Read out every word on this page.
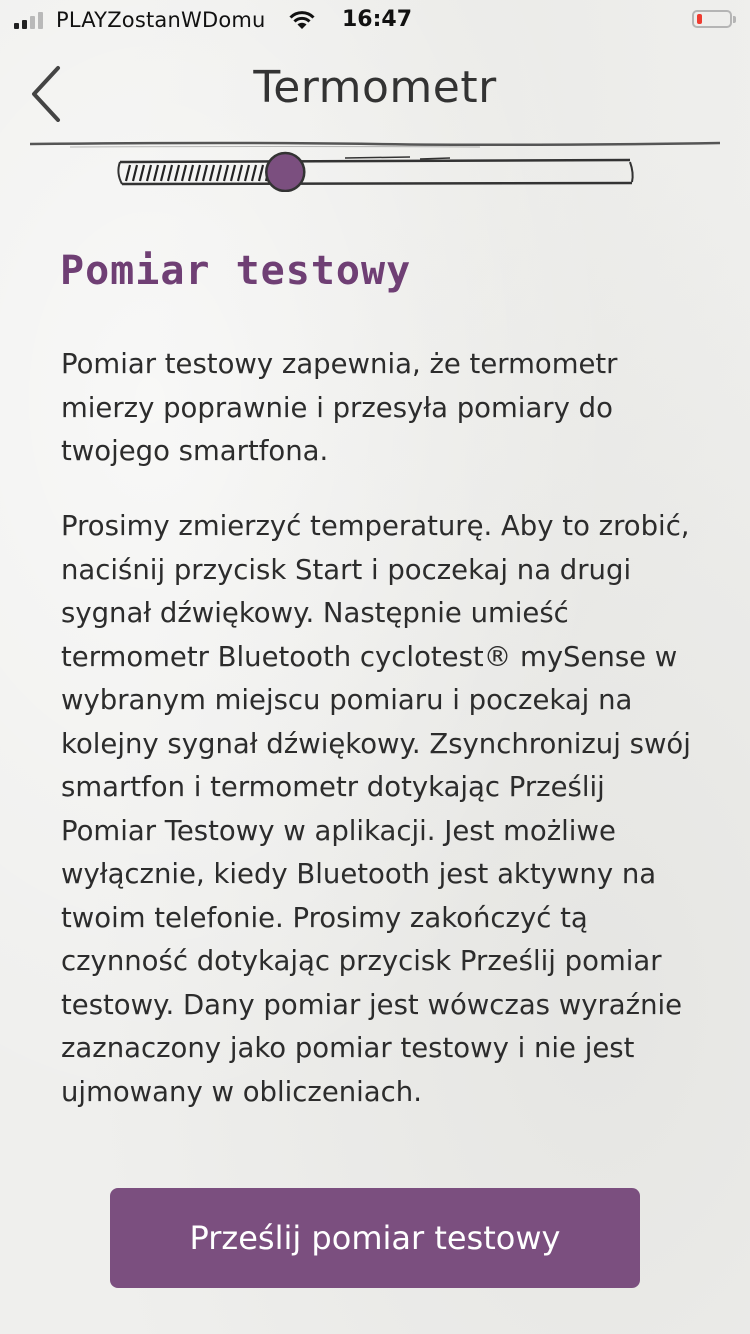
PLAYZostanWDomu	16:47
Termometr
Pomiar testowy

Pomiar testowy zapewnia, że termometr mierzy poprawnie i przesyła pomiary do twojego smartfona.

Prosimy zmierzyć temperaturę. Aby to zrobić, naciśnij przycisk Start i poczekaj na drugi sygnał dźwiękowy. Następnie umieść termometr Bluetooth cyclotest® mySense w wybranym miejscu pomiaru i poczekaj na kolejny sygnał dźwiękowy. Zsynchronizuj swój smartfon i termometr dotykając Prześlij Pomiar Testowy w aplikacji. Jest możliwe wyłącznie, kiedy Bluetooth jest aktywny na twoim telefonie. Prosimy zakończyć tą czynność dotykając przycisk Prześlij pomiar testowy. Dany pomiar jest wówczas wyraźnie zaznaczony jako pomiar testowy i nie jest ujmowany w obliczeniach.

Prześlij pomiar testowy
